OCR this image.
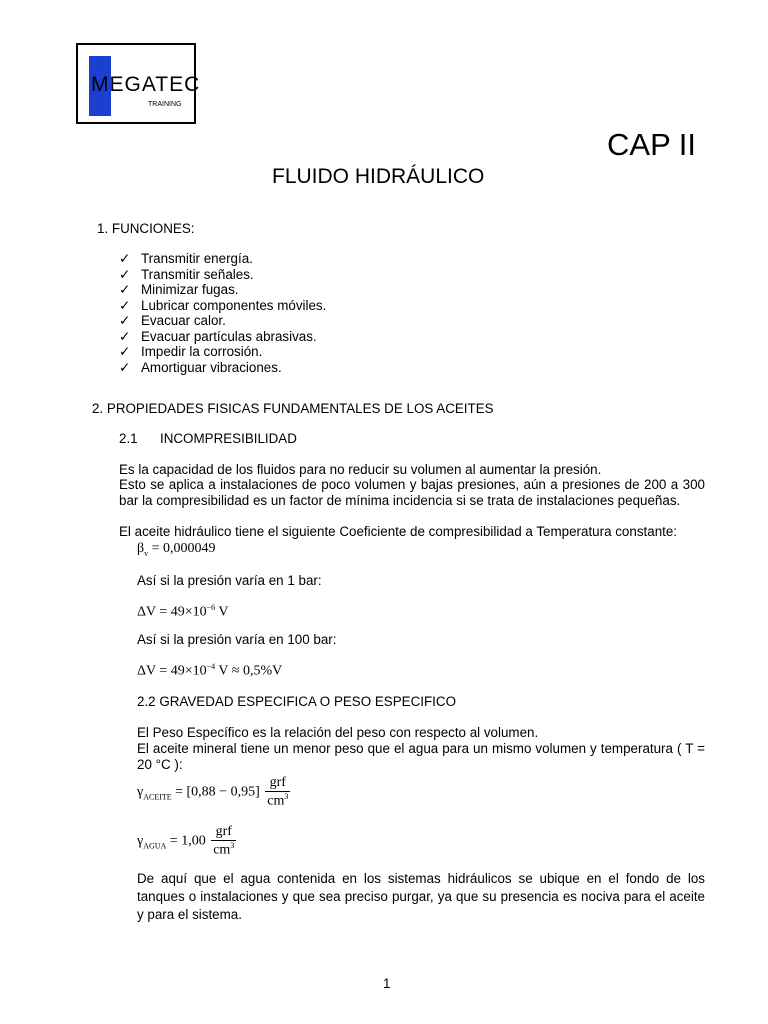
MEGATEC
TRAINING
CAP II
FLUIDO HIDRÁULICO
1. FUNCIONES:
✓ Transmitir energía.
✓ Transmitir señales.
✓ Minimizar fugas.
✓ Lubricar componentes móviles.
✓ Evacuar calor.
✓ Evacuar partículas abrasivas.
✓ Impedir la corrosión.
✓ Amortiguar vibraciones.
2. PROPIEDADES FISICAS FUNDAMENTALES DE LOS ACEITES
2.1 INCOMPRESIBILIDAD
Es la capacidad de los fluidos para no reducir su volumen al aumentar la presión.
Esto se aplica a instalaciones de poco volumen y bajas presiones, aún a presiones de 200 a 300 bar la compresibilidad es un factor de mínima incidencia si se trata de instalaciones pequeñas.
El aceite hidráulico tiene el siguiente Coeficiente de compresibilidad a Temperatura constante:
$\beta_v = 0,000049$
Así si la presión varía en 1 bar:
$\Delta V = 49\times 10^{-6}$ V
Así si la presión varía en 100 bar:
$\Delta V = 49\times 10^{-4}$ V ≈ 0,5%V
2.2 GRAVEDAD ESPECIFICA O PESO ESPECIFICO
El Peso Específico es la relación del peso con respecto al volumen.
El aceite mineral tiene un menor peso que el agua para un mismo volumen y temperatura ( T = 20 °C ):
$\gamma_{ACEITE} = [0,88 - 0,95] \frac{\text{grf}}{cm^3}$
$\gamma_{AGUA} = 1,00 \frac{\text{grf}}{cm^3}$
De aquí que el agua contenida en los sistemas hidráulicos se ubique en el fondo de los tanques o instalaciones y que sea preciso purgar, ya que su presencia es nociva para el aceite y para el sistema.
1
